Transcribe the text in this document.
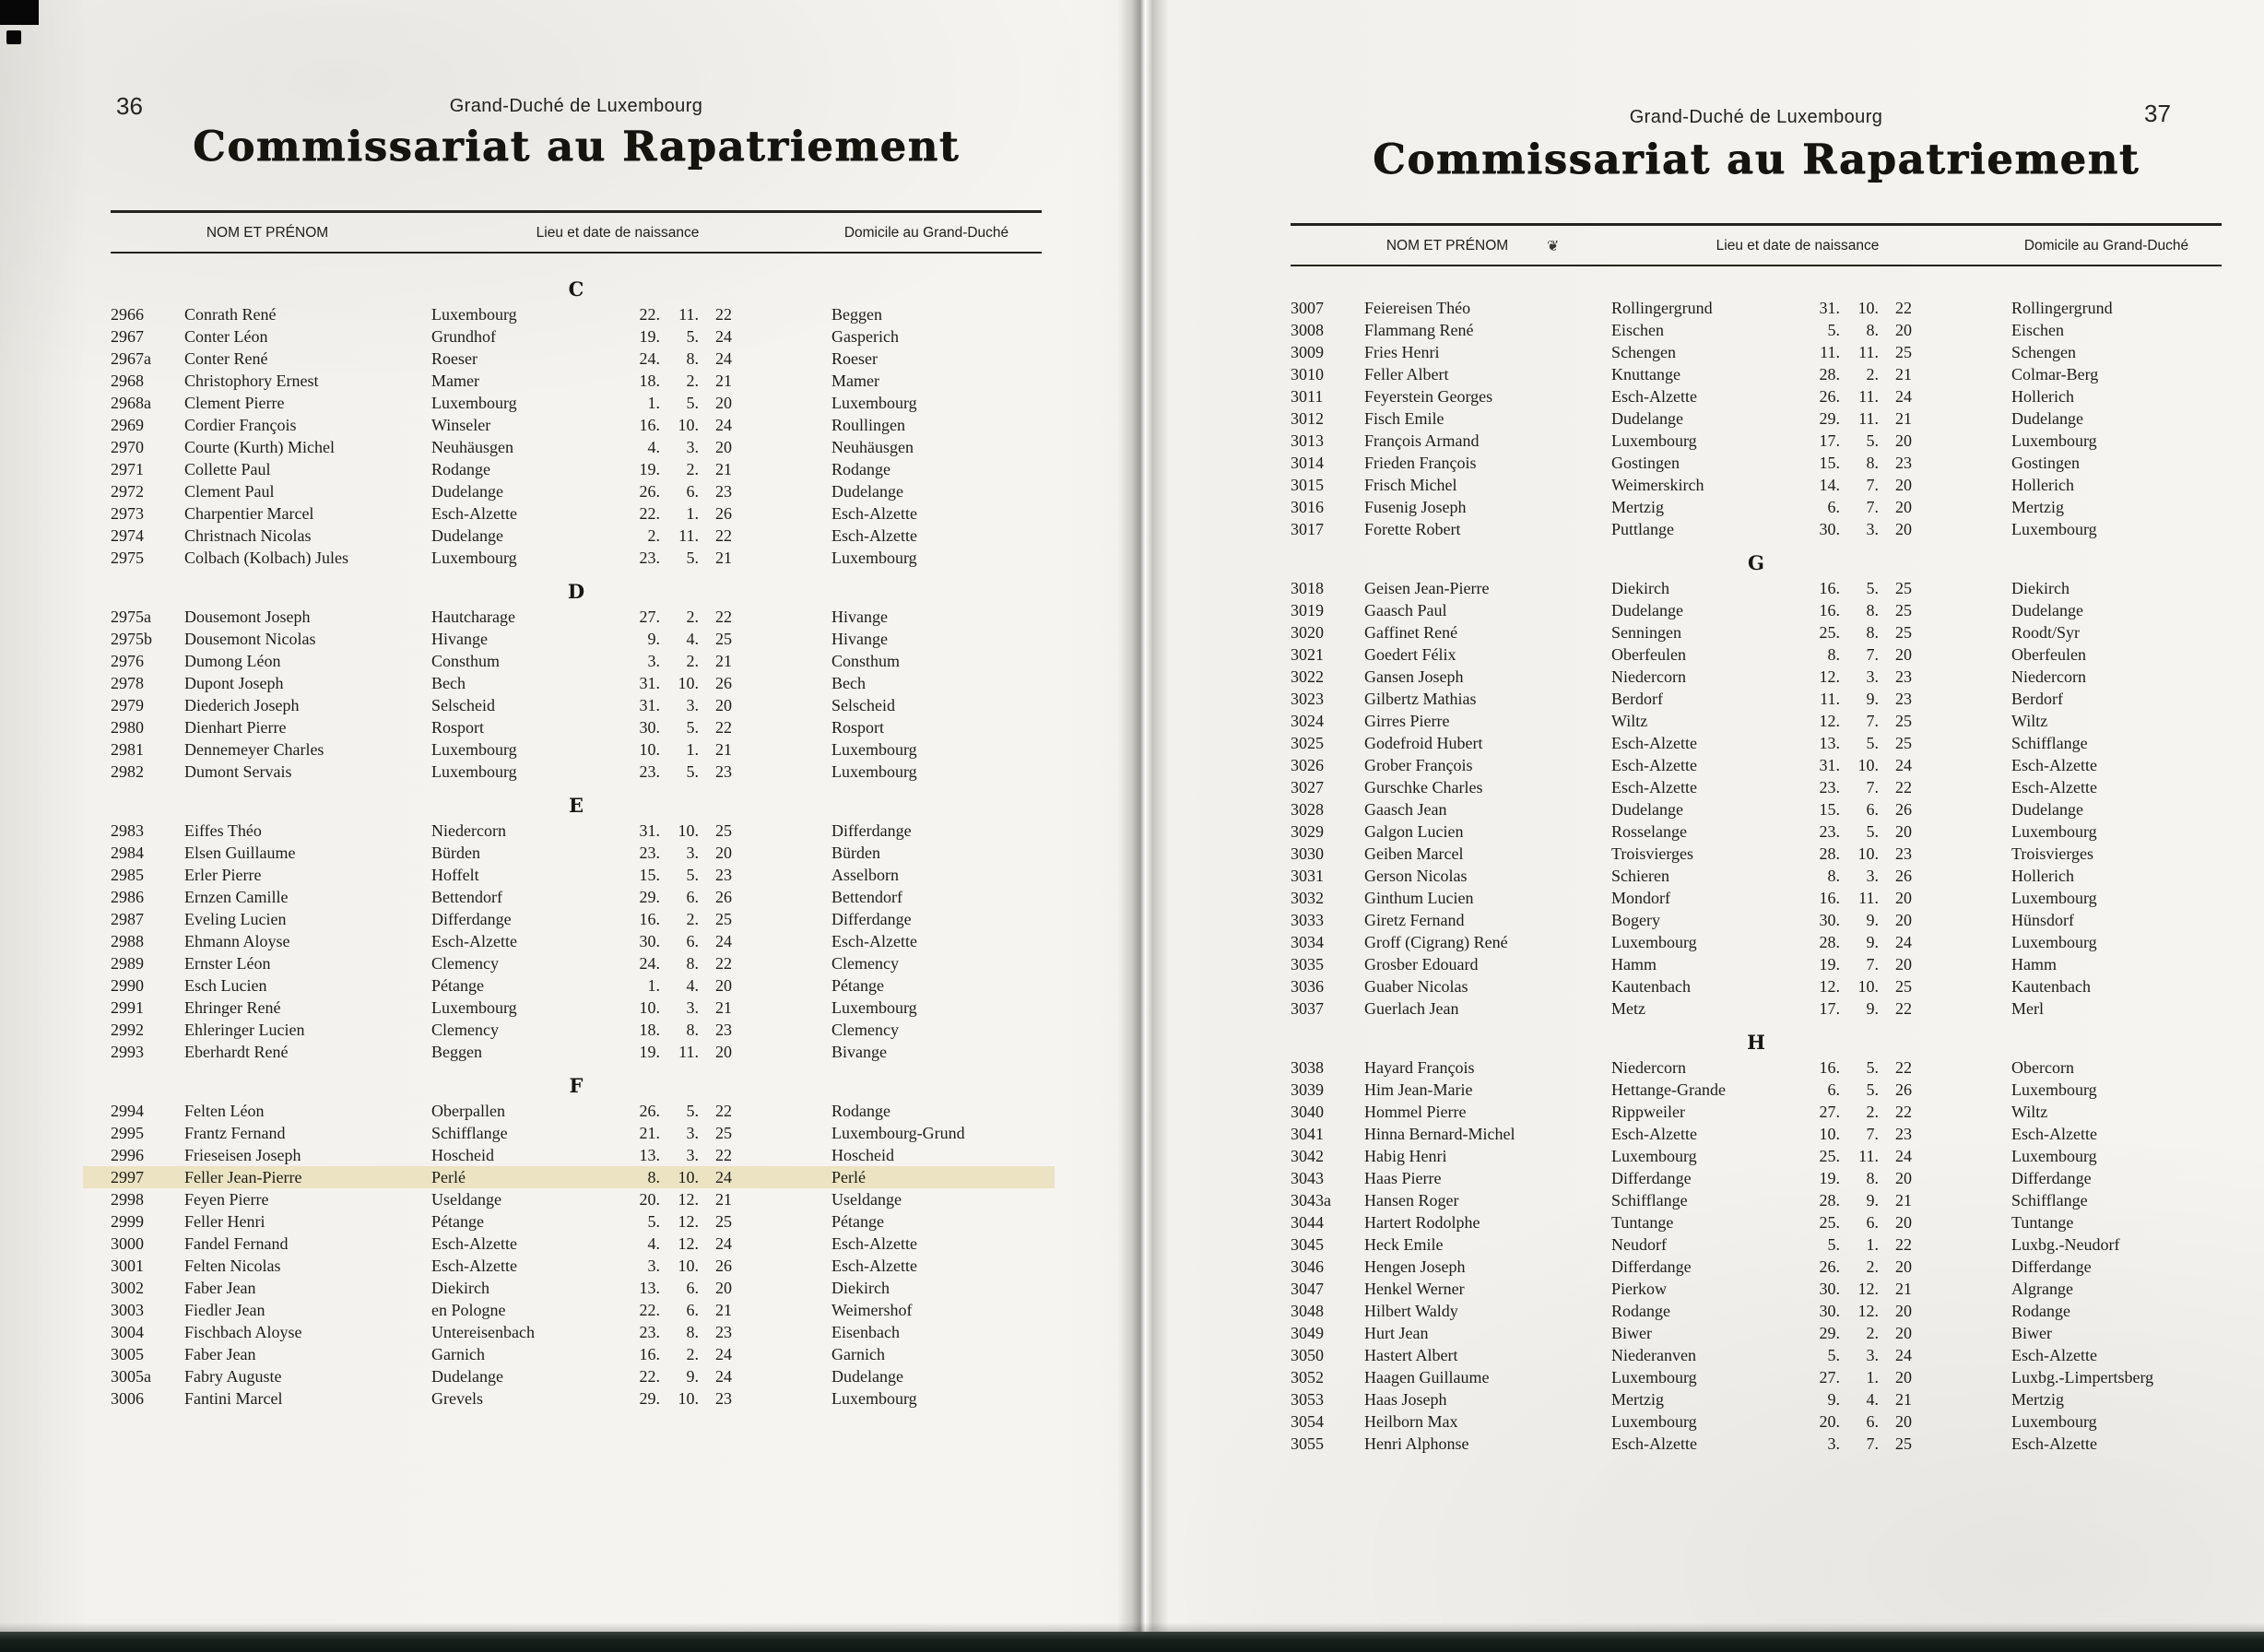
36	Grand-Duché de Luxembourg
Commissariat au Rapatriement
NOM ET PRÉNOM	Lieu et date de naissance	Domicile au Grand-Duché
C
2966	Conrath René	Luxembourg	22. 11. 22	Beggen
2967	Conter Léon	Grundhof	19. 5. 24	Gasperich
2967a	Conter René	Roeser	24. 8. 24	Roeser
2968	Christophory Ernest	Mamer	18. 2. 21	Mamer
2968a	Clement Pierre	Luxembourg	1. 5. 20	Luxembourg
2969	Cordier François	Winseler	16. 10. 24	Roullingen
2970	Courte (Kurth) Michel	Neuhäusgen	4. 3. 20	Neuhäusgen
2971	Collette Paul	Rodange	19. 2. 21	Rodange
2972	Clement Paul	Dudelange	26. 6. 23	Dudelange
2973	Charpentier Marcel	Esch-Alzette	22. 1. 26	Esch-Alzette
2974	Christnach Nicolas	Dudelange	2. 11. 22	Esch-Alzette
2975	Colbach (Kolbach) Jules	Luxembourg	23. 5. 21	Luxembourg
D
2975a	Dousemont Joseph	Hautcharage	27. 2. 22	Hivange
2975b	Dousemont Nicolas	Hivange	9. 4. 25	Hivange
2976	Dumong Léon	Consthum	3. 2. 21	Consthum
2978	Dupont Joseph	Bech	31. 10. 26	Bech
2979	Diederich Joseph	Selscheid	31. 3. 20	Selscheid
2980	Dienhart Pierre	Rosport	30. 5. 22	Rosport
2981	Dennemeyer Charles	Luxembourg	10. 1. 21	Luxembourg
2982	Dumont Servais	Luxembourg	23. 5. 23	Luxembourg
E
2983	Eiffes Théo	Niedercorn	31. 10. 25	Differdange
2984	Elsen Guillaume	Bürden	23. 3. 20	Bürden
2985	Erler Pierre	Hoffelt	15. 5. 23	Asselborn
2986	Ernzen Camille	Bettendorf	29. 6. 26	Bettendorf
2987	Eveling Lucien	Differdange	16. 2. 25	Differdange
2988	Ehmann Aloyse	Esch-Alzette	30. 6. 24	Esch-Alzette
2989	Ernster Léon	Clemency	24. 8. 22	Clemency
2990	Esch Lucien	Pétange	1. 4. 20	Pétange
2991	Ehringer René	Luxembourg	10. 3. 21	Luxembourg
2992	Ehleringer Lucien	Clemency	18. 8. 23	Clemency
2993	Eberhardt René	Beggen	19. 11. 20	Bivange
F
2994	Felten Léon	Oberpallen	26. 5. 22	Rodange
2995	Frantz Fernand	Schifflange	21. 3. 25	Luxembourg-Grund
2996	Frieseisen Joseph	Hoscheid	13. 3. 22	Hoscheid
2997	Feller Jean-Pierre	Perlé	8. 10. 24	Perlé
2998	Feyen Pierre	Useldange	20. 12. 21	Useldange
2999	Feller Henri	Pétange	5. 12. 25	Pétange
3000	Fandel Fernand	Esch-Alzette	4. 12. 24	Esch-Alzette
3001	Felten Nicolas	Esch-Alzette	3. 10. 26	Esch-Alzette
3002	Faber Jean	Diekirch	13. 6. 20	Diekirch
3003	Fiedler Jean	en Pologne	22. 6. 21	Weimershof
3004	Fischbach Aloyse	Untereisenbach	23. 8. 23	Eisenbach
3005	Faber Jean	Garnich	16. 2. 24	Garnich
3005a	Fabry Auguste	Dudelange	22. 9. 24	Dudelange
3006	Fantini Marcel	Grevels	29. 10. 23	Luxembourg
37
Grand-Duché de Luxembourg
Commissariat au Rapatriement
NOM ET PRÉNOM	Lieu et date de naissance	Domicile au Grand-Duché
❦
3007	Feiereisen Théo	Rollingergrund	31. 10. 22	Rollingergrund
3008	Flammang René	Eischen	5. 8. 20	Eischen
3009	Fries Henri	Schengen	11. 11. 25	Schengen
3010	Feller Albert	Knuttange	28. 2. 21	Colmar-Berg
3011	Feyerstein Georges	Esch-Alzette	26. 11. 24	Hollerich
3012	Fisch Emile	Dudelange	29. 11. 21	Dudelange
3013	François Armand	Luxembourg	17. 5. 20	Luxembourg
3014	Frieden François	Gostingen	15. 8. 23	Gostingen
3015	Frisch Michel	Weimerskirch	14. 7. 20	Hollerich
3016	Fusenig Joseph	Mertzig	6. 7. 20	Mertzig
3017	Forette Robert	Puttlange	30. 3. 20	Luxembourg
G
3018	Geisen Jean-Pierre	Diekirch	16. 5. 25	Diekirch
3019	Gaasch Paul	Dudelange	16. 8. 25	Dudelange
3020	Gaffinet René	Senningen	25. 8. 25	Roodt/Syr
3021	Goedert Félix	Oberfeulen	8. 7. 20	Oberfeulen
3022	Gansen Joseph	Niedercorn	12. 3. 23	Niedercorn
3023	Gilbertz Mathias	Berdorf	11. 9. 23	Berdorf
3024	Girres Pierre	Wiltz	12. 7. 25	Wiltz
3025	Godefroid Hubert	Esch-Alzette	13. 5. 25	Schifflange
3026	Grober François	Esch-Alzette	31. 10. 24	Esch-Alzette
3027	Gurschke Charles	Esch-Alzette	23. 7. 22	Esch-Alzette
3028	Gaasch Jean	Dudelange	15. 6. 26	Dudelange
3029	Galgon Lucien	Rosselange	23. 5. 20	Luxembourg
3030	Geiben Marcel	Troisvierges	28. 10. 23	Troisvierges
3031	Gerson Nicolas	Schieren	8. 3. 26	Hollerich
3032	Ginthum Lucien	Mondorf	16. 11. 20	Luxembourg
3033	Giretz Fernand	Bogery	30. 9. 20	Hünsdorf
3034	Groff (Cigrang) René	Luxembourg	28. 9. 24	Luxembourg
3035	Grosber Edouard	Hamm	19. 7. 20	Hamm
3036	Guaber Nicolas	Kautenbach	12. 10. 25	Kautenbach
3037	Guerlach Jean	Metz	17. 9. 22	Merl
H
3038	Hayard François	Niedercorn	16. 5. 22	Obercorn
3039	Him Jean-Marie	Hettange-Grande	6. 5. 26	Luxembourg
3040	Hommel Pierre	Rippweiler	27. 2. 22	Wiltz
3041	Hinna Bernard-Michel	Esch-Alzette	10. 7. 23	Esch-Alzette
3042	Habig Henri	Luxembourg	25. 11. 24	Luxembourg
3043	Haas Pierre	Differdange	19. 8. 20	Differdange
3043a	Hansen Roger	Schifflange	28. 9. 21	Schifflange
3044	Hartert Rodolphe	Tuntange	25. 6. 20	Tuntange
3045	Heck Emile	Neudorf	5. 1. 22	Luxbg.-Neudorf
3046	Hengen Joseph	Differdange	26. 2. 20	Differdange
3047	Henkel Werner	Pierkow	30. 12. 21	Algrange
3048	Hilbert Waldy	Rodange	30. 12. 20	Rodange
3049	Hurt Jean	Biwer	29. 2. 20	Biwer
3050	Hastert Albert	Niederanven	5. 3. 24	Esch-Alzette
3052	Haagen Guillaume	Luxembourg	27. 1. 20	Luxbg.-Limpertsberg
3053	Haas Joseph	Mertzig	9. 4. 21	Mertzig
3054	Heilborn Max	Luxembourg	20. 6. 20	Luxembourg
3055	Henri Alphonse	Esch-Alzette	3. 7. 25	Esch-Alzette
